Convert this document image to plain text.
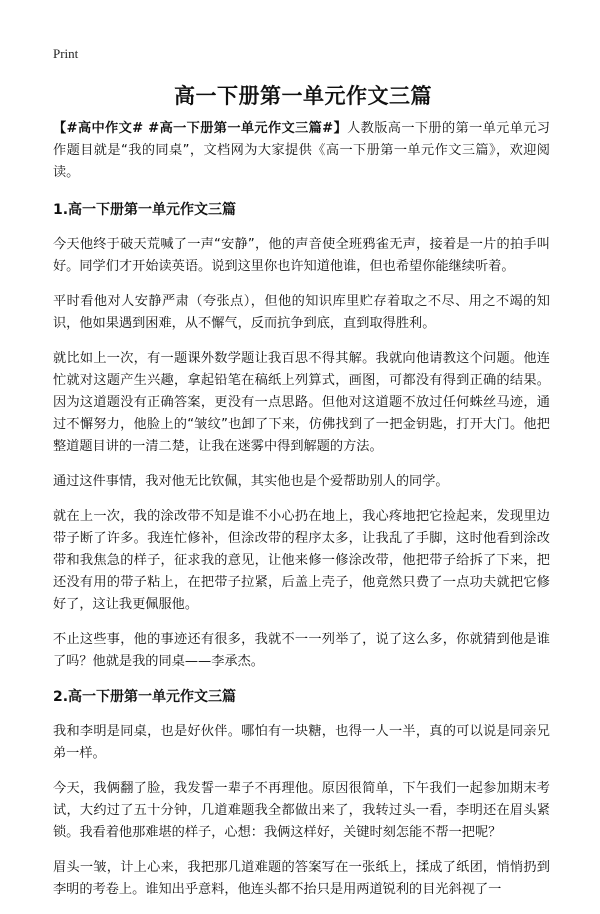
Print
高一下册第一单元作文三篇

【#高中作文# #高一下册第一单元作文三篇#】人教版高一下册的第一单元单元习作题目就是“我的同桌”，文档网为大家提供《高一下册第一单元作文三篇》，欢迎阅读。

1.高一下册第一单元作文三篇

今天他终于破天荒喊了一声“安静”，他的声音使全班鸦雀无声，接着是一片的拍手叫好。同学们才开始读英语。说到这里你也许知道他谁，但也希望你能继续听着。

平时看他对人安静严肃（夸张点），但他的知识库里贮存着取之不尽、用之不竭的知识，他如果遇到困难，从不懈气，反而抗争到底，直到取得胜利。

就比如上一次，有一题课外数学题让我百思不得其解。我就向他请教这个问题。他连忙就对这题产生兴趣，拿起铅笔在稿纸上列算式，画图，可都没有得到正确的结果。因为这道题没有正确答案，更没有一点思路。但他对这道题不放过任何蛛丝马迹，通过不懈努力，他脸上的“皱纹”也卸了下来，仿佛找到了一把金钥匙，打开大门。他把整道题目讲的一清二楚，让我在迷雾中得到解题的方法。

通过这件事情，我对他无比钦佩，其实他也是个爱帮助别人的同学。

就在上一次，我的涂改带不知是谁不小心扔在地上，我心疼地把它捡起来，发现里边带子断了许多。我连忙修补，但涂改带的程序太多，让我乱了手脚，这时他看到涂改带和我焦急的样子，征求我的意见，让他来修一修涂改带，他把带子给拆了下来，把还没有用的带子粘上，在把带子拉紧，后盖上壳子，他竟然只费了一点功夫就把它修好了，这让我更佩服他。

不止这些事，他的事迹还有很多，我就不一一列举了，说了这么多，你就猜到他是谁了吗？他就是我的同桌——李承杰。

2.高一下册第一单元作文三篇

我和李明是同桌，也是好伙伴。哪怕有一块糖，也得一人一半，真的可以说是同亲兄弟一样。

今天，我俩翻了脸，我发誓一辈子不再理他。原因很简单，下午我们一起参加期末考试，大约过了五十分钟，几道难题我全都做出来了，我转过头一看，李明还在眉头紧锁。我看着他那难堪的样子，心想：我俩这样好，关键时刻怎能不帮一把呢？

眉头一皱，计上心来，我把那几道难题的答案写在一张纸上，揉成了纸团，悄悄扔到李明的考卷上。谁知出乎意料，他连头都不抬只是用两道锐利的目光斜视了一
